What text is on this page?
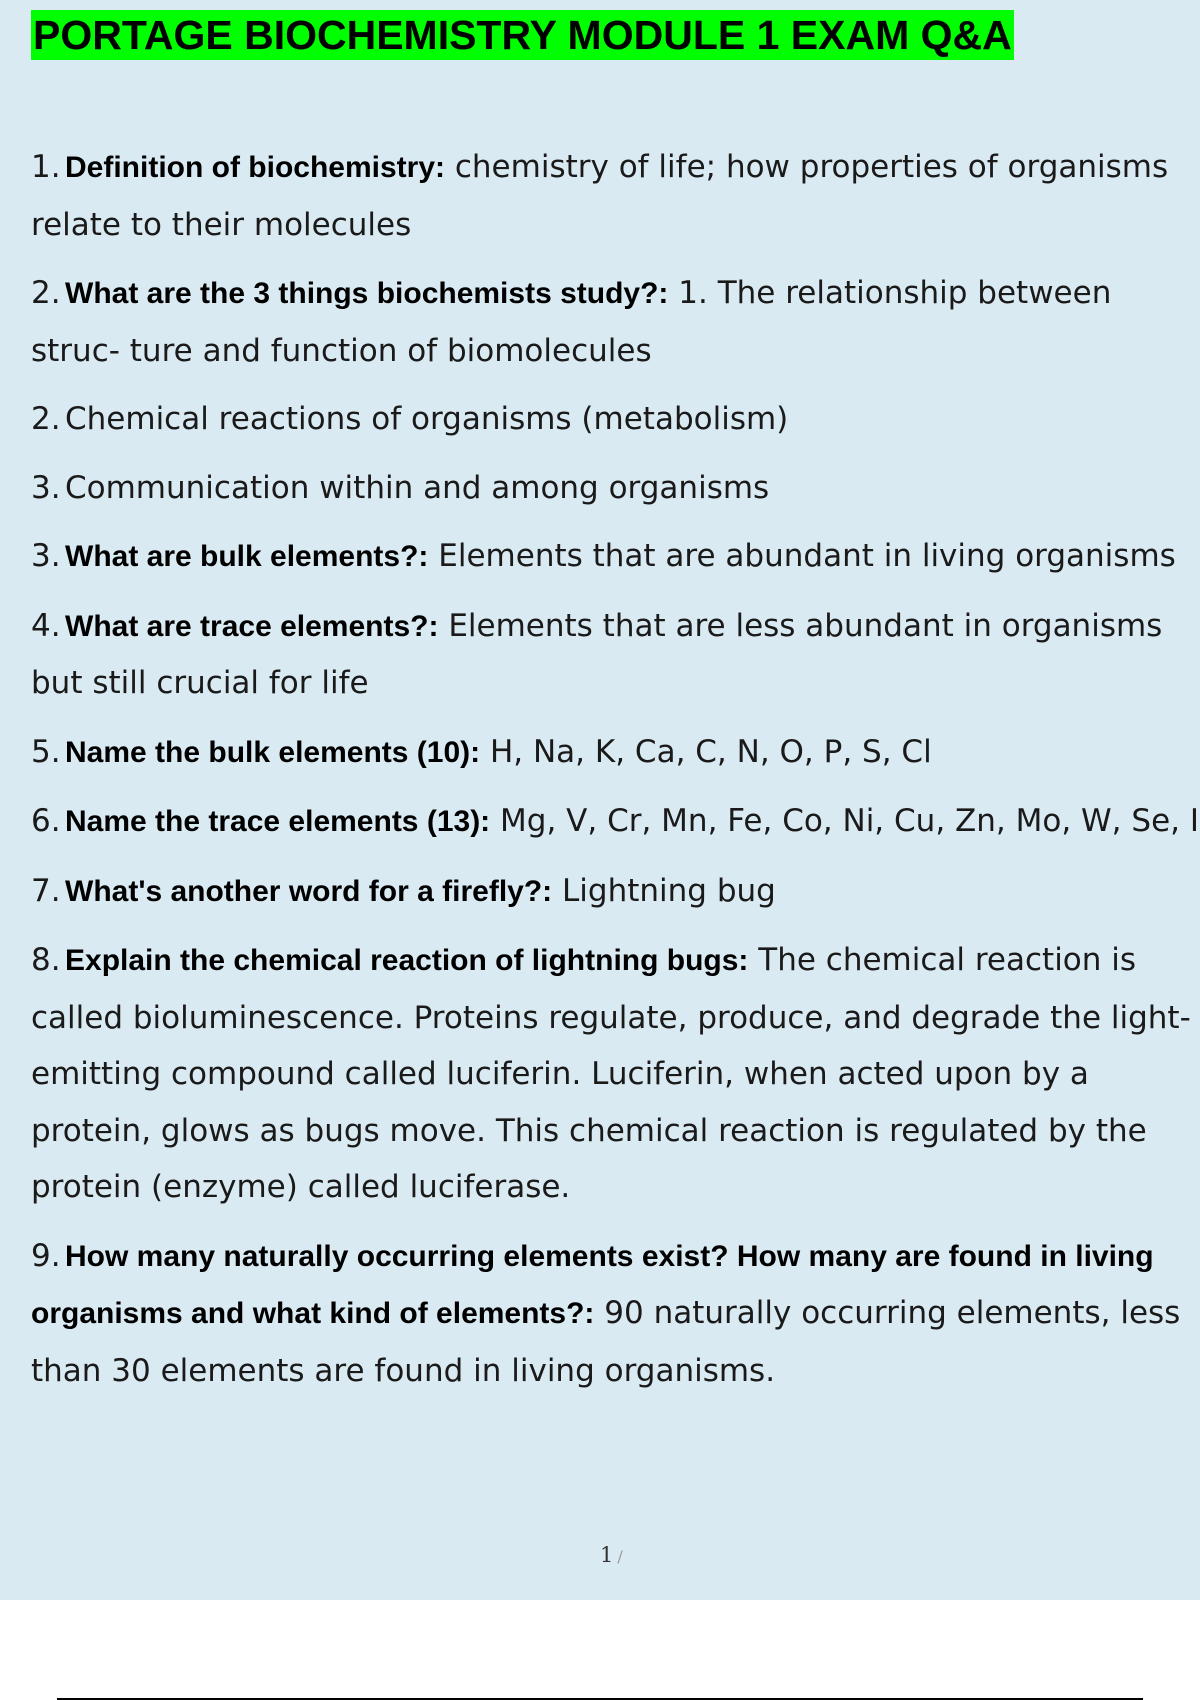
PORTAGE BIOCHEMISTRY MODULE 1 EXAM Q&A
1. Definition of biochemistry: chemistry of life; how properties of organisms relate to their molecules
2. What are the 3 things biochemists study?: 1. The relationship between struc- ture and function of biomolecules
2. Chemical reactions of organisms (metabolism)
3. Communication within and among organisms
3. What are bulk elements?: Elements that are abundant in living organisms
4. What are trace elements?: Elements that are less abundant in organisms but still crucial for life
5. Name the bulk elements (10): H, Na, K, Ca, C, N, O, P, S, Cl
6. Name the trace elements (13): Mg, V, Cr, Mn, Fe, Co, Ni, Cu, Zn, Mo, W, Se, I
7. What's another word for a firefly?: Lightning bug
8. Explain the chemical reaction of lightning bugs: The chemical reaction is called bioluminescence. Proteins regulate, produce, and degrade the light-emitting compound called luciferin. Luciferin, when acted upon by a protein, glows as bugs move. This chemical reaction is regulated by the protein (enzyme) called luciferase.
9. How many naturally occurring elements exist? How many are found in living organisms and what kind of elements?: 90 naturally occurring elements, less than 30 elements are found in living organisms.
1 /
